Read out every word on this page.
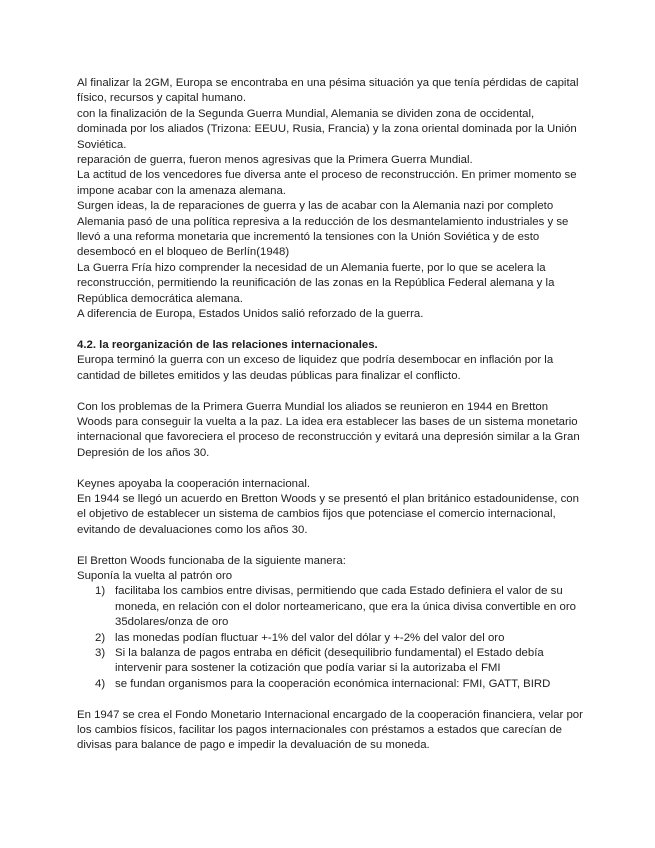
Al finalizar la 2GM, Europa se encontraba en una pésima situación ya que tenía pérdidas de capital físico, recursos y capital humano.

con la finalización de la Segunda Guerra Mundial, Alemania se dividen zona de occidental, dominada por los aliados (Trizona: EEUU, Rusia, Francia) y la zona oriental dominada por la Unión Soviética.

reparación de guerra, fueron menos agresivas que la Primera Guerra Mundial.

La actitud de los vencedores fue diversa ante el proceso de reconstrucción. En primer momento se impone acabar con la amenaza alemana.

Surgen ideas, la de reparaciones de guerra y las de acabar con la Alemania nazi por completo Alemania pasó de una política represiva a la reducción de los desmantelamiento industriales y se llevó a una reforma monetaria que incrementó la tensiones con la Unión Soviética y de esto desembocó en el bloqueo de Berlín(1948)

La Guerra Fría hizo comprender la necesidad de un Alemania fuerte, por lo que se acelera la reconstrucción, permitiendo la reunificación de las zonas en la República Federal alemana y la República democrática alemana.

A diferencia de Europa, Estados Unidos salió reforzado de la guerra.

4.2. la reorganización de las relaciones internacionales.

Europa terminó la guerra con un exceso de liquidez que podría desembocar en inflación por la cantidad de billetes emitidos y las deudas públicas para finalizar el conflicto.

Con los problemas de la Primera Guerra Mundial los aliados se reunieron en 1944 en Bretton Woods para conseguir la vuelta a la paz. La idea era establecer las bases de un sistema monetario internacional que favoreciera el proceso de reconstrucción y evitará una depresión similar a la Gran Depresión de los años 30.

Keynes apoyaba la cooperación internacional.

En 1944 se llegó un acuerdo en Bretton Woods y se presentó el plan británico estadounidense, con el objetivo de establecer un sistema de cambios fijos que potenciase el comercio internacional, evitando de devaluaciones como los años 30.

El Bretton Woods funcionaba de la siguiente manera:

Suponía la vuelta al patrón oro

1) facilitaba los cambios entre divisas, permitiendo que cada Estado definiera el valor de su moneda, en relación con el dolor norteamericano, que era la única divisa convertible en oro 35dolares/onza de oro
2) las monedas podían fluctuar +-1% del valor del dólar y +-2% del valor del oro
3) Si la balanza de pagos entraba en déficit (desequilibrio fundamental) el Estado debía intervenir para sostener la cotización que podía variar si la autorizaba el FMI
4) se fundan organismos para la cooperación económica internacional: FMI, GATT, BIRD

En 1947 se crea el Fondo Monetario Internacional encargado de la cooperación financiera, velar por los cambios físicos, facilitar los pagos internacionales con préstamos a estados que carecían de divisas para balance de pago e impedir la devaluación de su moneda.
